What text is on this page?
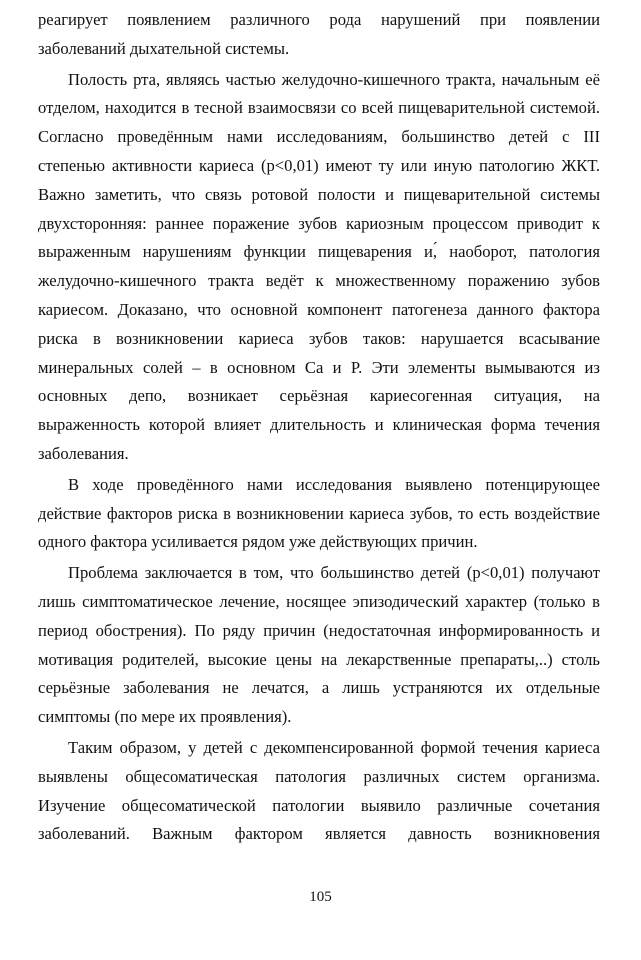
реагирует появлением различного рода нарушений при появлении
заболеваний дыхательной системы.
Полость рта, являясь частью желудочно-кишечного тракта, начальным её
отделом, находится в тесной взаимосвязи со всей пищеварительной системой.
Согласно проведённым нами исследованиям, большинство детей с III
степенью активности кариеса (р<0,01) имеют ту или иную патологию ЖКТ.
Важно заметить, что связь ротовой полости и пищеварительной системы
двухсторонняя: раннее поражение зубов кариозным процессом приводит к
выраженным нарушениям функции пищеварения и,́ наоборот, патология
желудочно-кишечного тракта ведёт к множественному поражению зубов
кариесом. Доказано, что основной компонент патогенеза данного фактора
риска в возникновении кариеса зубов таков: нарушается всасывание
минеральных солей – в основном Са и Р. Эти элементы вымываются из
основных депо, возникает серьёзная кариесогенная ситуация, на
выраженность которой влияет длительность и клиническая форма течения
заболевания.
В ходе проведённого нами исследования выявлено потенцирующее
действие факторов риска в возникновении кариеса зубов, то есть воздействие
одного фактора усиливается рядом уже действующих причин.
Проблема заключается в том, что большинство детей (р<0,01) получают
лишь симптоматическое лечение, носящее эпизодический характер (только в
период обострения). По ряду причин (недостаточная информированность и
мотивация родителей, высокие цены на лекарственные препараты,..) столь
серьёзные заболевания не лечатся, а лишь устраняются их отдельные
симптомы (по мере их проявления).
Таким образом, у детей с декомпенсированной формой течения кариеса
выявлены общесоматическая патология различных систем организма.
Изучение общесоматической патологии выявило различные сочетания
заболеваний. Важным фактором является давность возникновения
105
